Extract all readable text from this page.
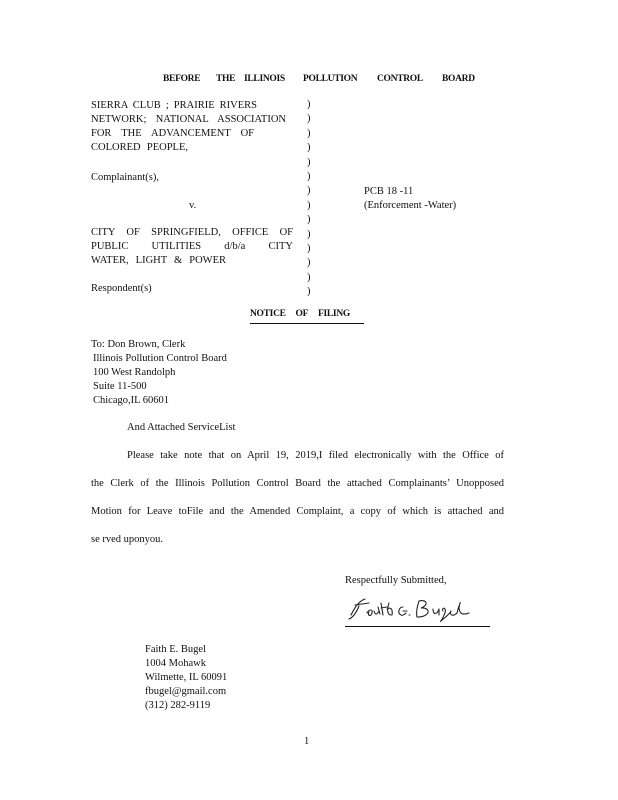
BEFORE THE ILLINOIS POLLUTION CONTROL BOARD
SIERRA CLUB ; PRAIRIE RIVERS
NETWORK; NATIONAL ASSOCIATION
FOR THE ADVANCEMENT OF
COLORED PEOPLE,
Complainant(s),
v.
CITY OF SPRINGFIELD, OFFICE OF
PUBLIC UTILITIES d/b/a CITY
WATER, LIGHT & POWER
Respondent(s)
)
)
)
)
)
)
)
)
)
)
)
)
)
)
PCB 18 -11
(Enforcement -Water)
NOTICE OF FILING
To: Don Brown, Clerk
Illinois Pollution Control Board
100 West Randolph
Suite 11-500
Chicago,IL 60601
And Attached ServiceList
Please take note that on April 19, 2019,I filed electronically with the Office of
the Clerk of the Illinois Pollution Control Board the attached Complainants’ Unopposed
Motion for Leave toFile and the Amended Complaint, a copy of which is attached and
se rved uponyou.
Respectfully Submitted,
Faith E. Bugel
1004 Mohawk
Wilmette, IL 60091
fbugel@gmail.com
(312) 282-9119
1
